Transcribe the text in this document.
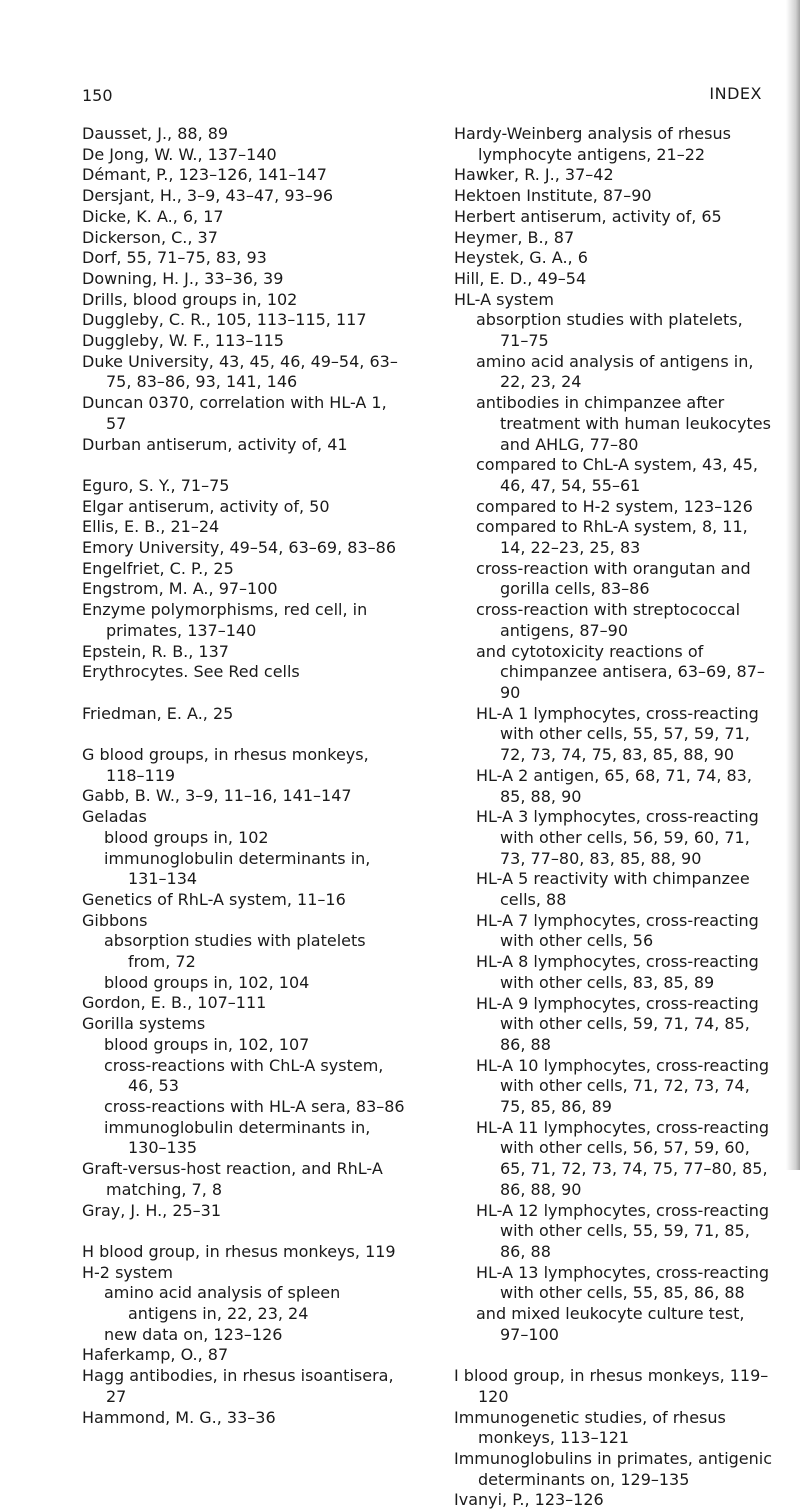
150	INDEX
Dausset, J., 88, 89
De Jong, W. W., 137–140
Démant, P., 123–126, 141–147
Dersjant, H., 3–9, 43–47, 93–96
Dicke, K. A., 6, 17
Dickerson, C., 37
Dorf, 55, 71–75, 83, 93
Downing, H. J., 33–36, 39
Drills, blood groups in, 102
Duggleby, C. R., 105, 113–115, 117
Duggleby, W. F., 113–115
Duke University, 43, 45, 46, 49–54, 63–75, 83–86, 93, 141, 146
Duncan 0370, correlation with HL-A 1, 57
Durban antiserum, activity of, 41
Eguro, S. Y., 71–75
Elgar antiserum, activity of, 50
Ellis, E. B., 21–24
Emory University, 49–54, 63–69, 83–86
Engelfriet, C. P., 25
Engstrom, M. A., 97–100
Enzyme polymorphisms, red cell, in primates, 137–140
Epstein, R. B., 137
Erythrocytes. See Red cells
Friedman, E. A., 25
G blood groups, in rhesus monkeys, 118–119
Gabb, B. W., 3–9, 11–16, 141–147
Geladas
blood groups in, 102
immunoglobulin determinants in, 131–134
Genetics of RhL-A system, 11–16
Gibbons
absorption studies with platelets from, 72
blood groups in, 102, 104
Gordon, E. B., 107–111
Gorilla systems
blood groups in, 102, 107
cross-reactions with ChL-A system, 46, 53
cross-reactions with HL-A sera, 83–86
immunoglobulin determinants in, 130–135
Graft-versus-host reaction, and RhL-A matching, 7, 8
Gray, J. H., 25–31
H blood group, in rhesus monkeys, 119
H-2 system
amino acid analysis of spleen antigens in, 22, 23, 24
new data on, 123–126
Haferkamp, O., 87
Hagg antibodies, in rhesus isoantisera, 27
Hammond, M. G., 33–36
Hardy-Weinberg analysis of rhesus lymphocyte antigens, 21–22
Hawker, R. J., 37–42
Hektoen Institute, 87–90
Herbert antiserum, activity of, 65
Heymer, B., 87
Heystek, G. A., 6
Hill, E. D., 49–54
HL-A system
absorption studies with platelets, 71–75
amino acid analysis of antigens in, 22, 23, 24
antibodies in chimpanzee after treatment with human leukocytes and AHLG, 77–80
compared to ChL-A system, 43, 45, 46, 47, 54, 55–61
compared to H-2 system, 123–126
compared to RhL-A system, 8, 11, 14, 22–23, 25, 83
cross-reaction with orangutan and gorilla cells, 83–86
cross-reaction with streptococcal antigens, 87–90
and cytotoxicity reactions of chimpanzee antisera, 63–69, 87–90
HL-A 1 lymphocytes, cross-reacting with other cells, 55, 57, 59, 71, 72, 73, 74, 75, 83, 85, 88, 90
HL-A 2 antigen, 65, 68, 71, 74, 83, 85, 88, 90
HL-A 3 lymphocytes, cross-reacting with other cells, 56, 59, 60, 71, 73, 77–80, 83, 85, 88, 90
HL-A 5 reactivity with chimpanzee cells, 88
HL-A 7 lymphocytes, cross-reacting with other cells, 56
HL-A 8 lymphocytes, cross-reacting with other cells, 83, 85, 89
HL-A 9 lymphocytes, cross-reacting with other cells, 59, 71, 74, 85, 86, 88
HL-A 10 lymphocytes, cross-reacting with other cells, 71, 72, 73, 74, 75, 85, 86, 89
HL-A 11 lymphocytes, cross-reacting with other cells, 56, 57, 59, 60, 65, 71, 72, 73, 74, 75, 77–80, 85, 86, 88, 90
HL-A 12 lymphocytes, cross-reacting with other cells, 55, 59, 71, 85, 86, 88
HL-A 13 lymphocytes, cross-reacting with other cells, 55, 85, 86, 88
and mixed leukocyte culture test, 97–100
I blood group, in rhesus monkeys, 119–120
Immunogenetic studies, of rhesus monkeys, 113–121
Immunoglobulins in primates, antigenic determinants on, 129–135
Ivanyi, P., 123–126
